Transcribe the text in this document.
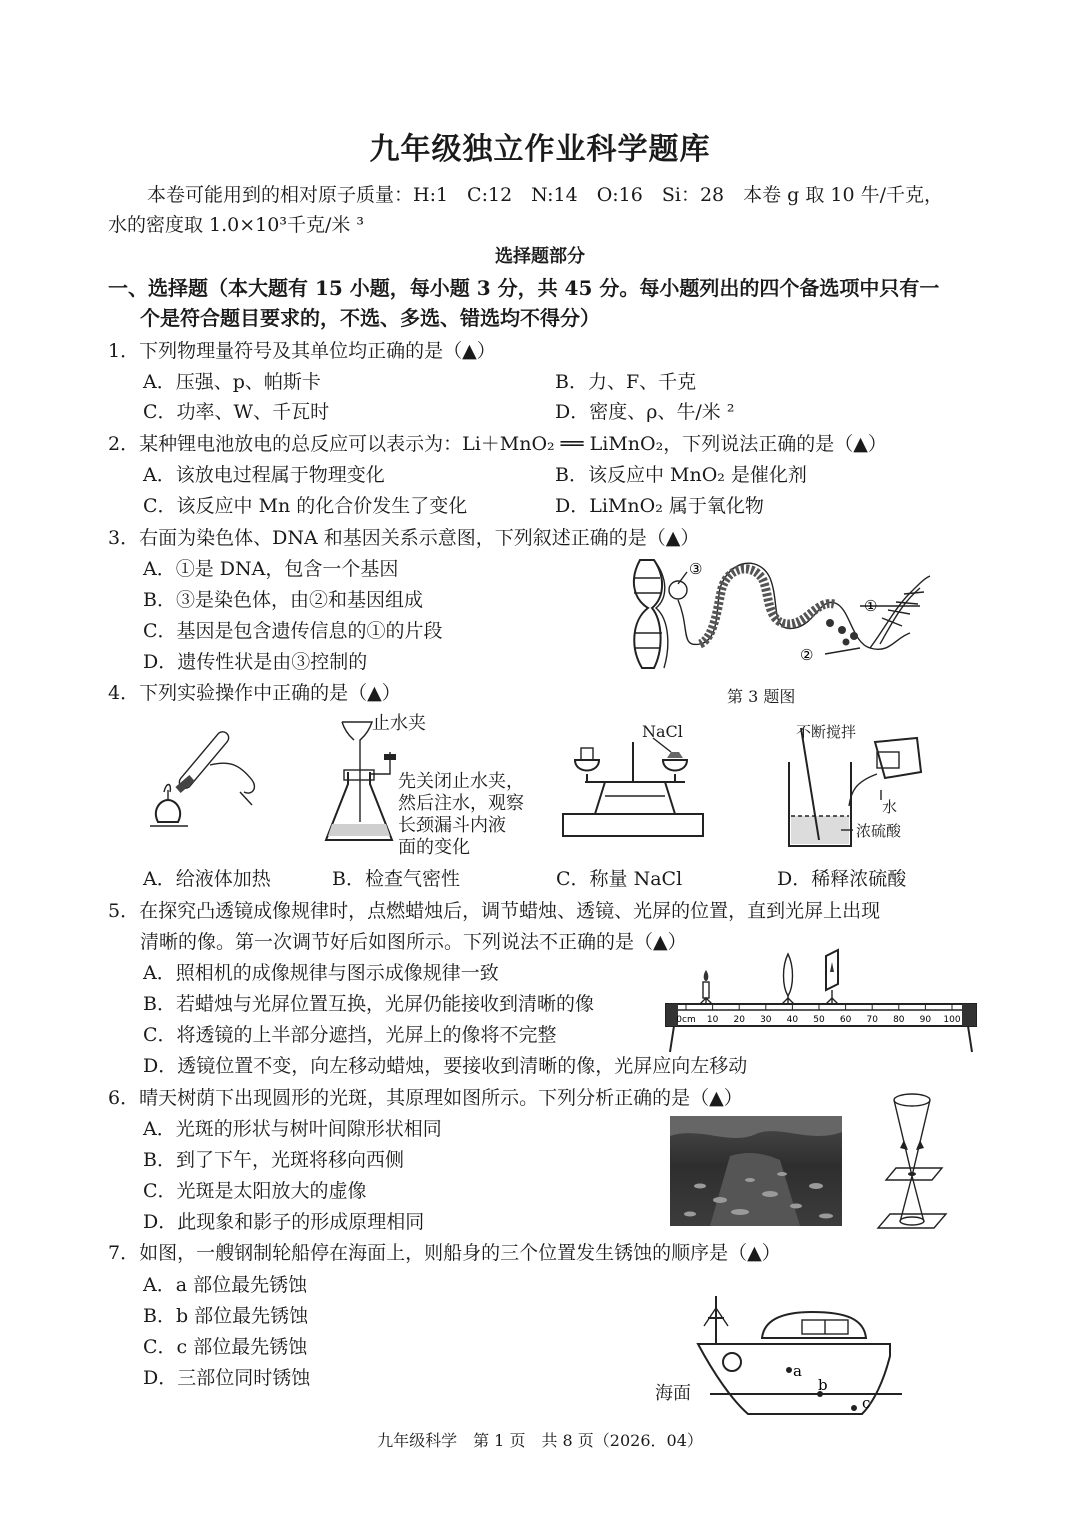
九年级独立作业科学题库
本卷可能用到的相对原子质量：H:1　C:12　N:14　O:16　Si：28　本卷 g 取 10 牛/千克，
水的密度取 1.0×10³千克/米 ³
选择题部分
一、选择题（本大题有 15 小题，每小题 3 分，共 45 分。每小题列出的四个备选项中只有一
个是符合题目要求的，不选、多选、错选均不得分）
1．下列物理量符号及其单位均正确的是（▲）
A．压强、p、帕斯卡	B．力、F、千克
C．功率、W、千瓦时	D．密度、ρ、牛/米 ²
2．某种锂电池放电的总反应可以表示为：Li＋MnO₂ ══ LiMnO₂，下列说法正确的是（▲）
A．该放电过程属于物理变化	B．该反应中 MnO₂ 是催化剂
C．该反应中 Mn 的化合价发生了变化	D．LiMnO₂ 属于氧化物
3．右面为染色体、DNA 和基因关系示意图，下列叙述正确的是（▲）
A．①是 DNA，包含一个基因
B．③是染色体，由②和基因组成
C．基因是包含遗传信息的①的片段
D．遗传性状是由③控制的
③
①
②
4．下列实验操作中正确的是（▲）	第 3 题图
止水夹
先关闭止水夹，
然后注水，观察
长颈漏斗内液
面的变化
NaCl	不断搅拌
水
浓硫酸
A．给液体加热	B．检查气密性	C．称量 NaCl	D．稀释浓硫酸
5．在探究凸透镜成像规律时，点燃蜡烛后，调节蜡烛、透镜、光屏的位置，直到光屏上出现
清晰的像。第一次调节好后如图所示。下列说法不正确的是（▲）
A．照相机的成像规律与图示成像规律一致
B．若蜡烛与光屏位置互换，光屏仍能接收到清晰的像
C．将透镜的上半部分遮挡，光屏上的像将不完整
D．透镜位置不变，向左移动蜡烛，要接收到清晰的像，光屏应向左移动
0cm 10 20 30 40 50 60 70 80 90 100
6．晴天树荫下出现圆形的光斑，其原理如图所示。下列分析正确的是（▲）
A．光斑的形状与树叶间隙形状相同
B．到了下午，光斑将移向西侧
C．光斑是太阳放大的虚像
D．此现象和影子的形成原理相同
7．如图，一艘钢制轮船停在海面上，则船身的三个位置发生锈蚀的顺序是（▲）
A．a 部位最先锈蚀
B．b 部位最先锈蚀
C．c 部位最先锈蚀
D．三部位同时锈蚀	a
b
c
海面
九年级科学　第 1 页　共 8 页（2026．04）
